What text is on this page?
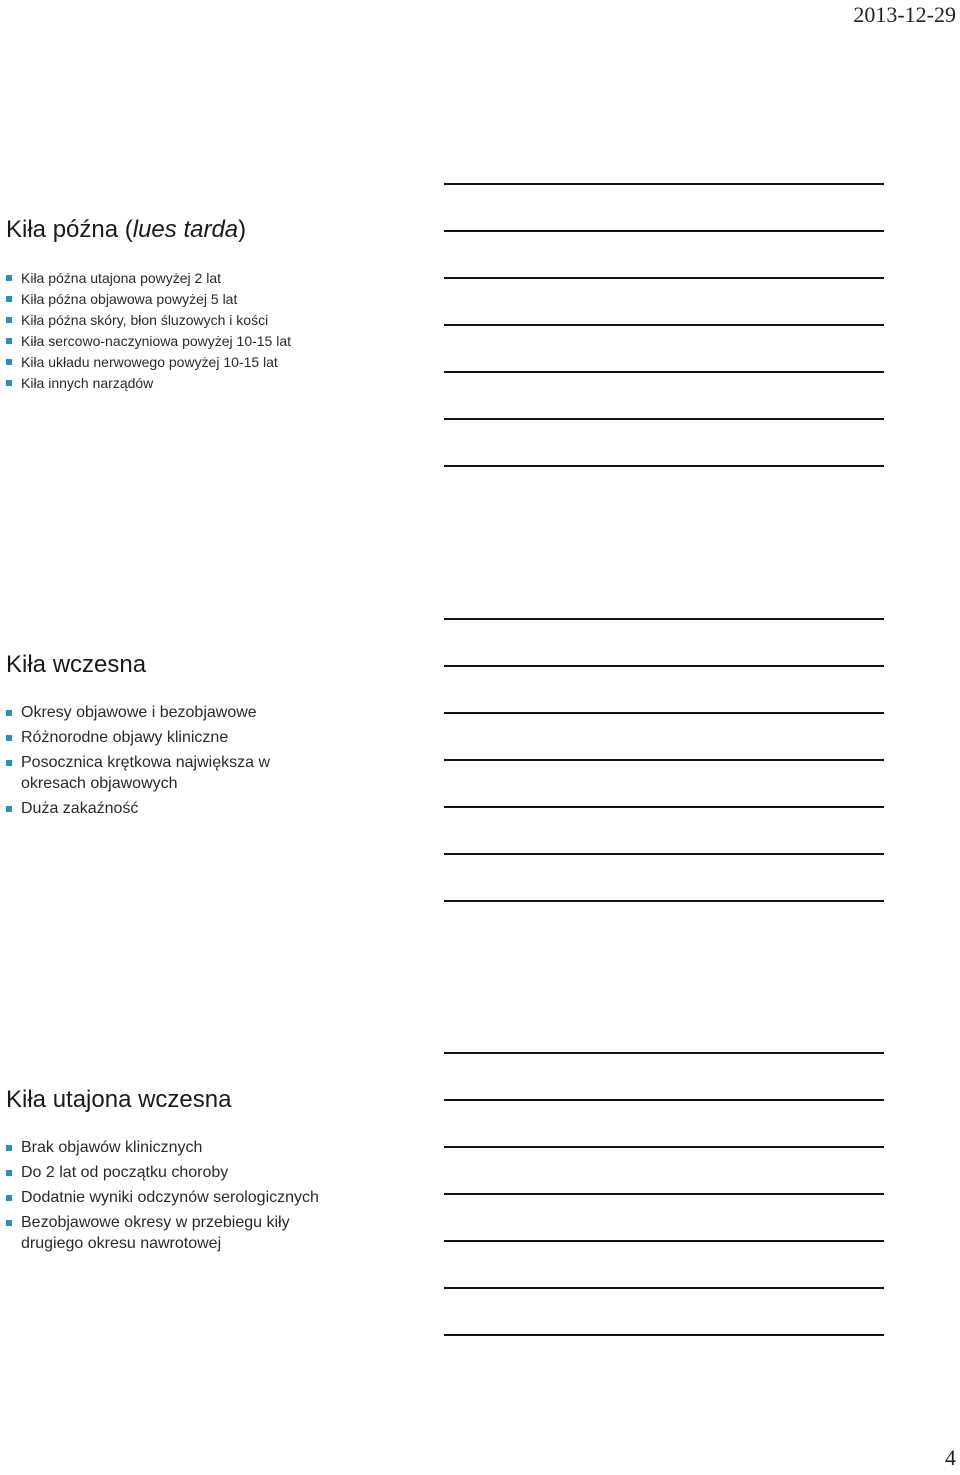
2013-12-29
Kiła późna (lues tarda)
Kiła późna utajona powyżej 2 lat
Kiła późna objawowa powyżej 5 lat
Kiła późna skóry, błon śluzowych i kości
Kiła sercowo-naczyniowa powyżej 10-15 lat
Kiła układu nerwowego powyżej 10-15 lat
Kiła innych narządów
Kiła wczesna
Okresy objawowe i bezobjawowe
Różnorodne objawy kliniczne
Posocznica krętkowa największa w okresach objawowych
Duża zakaźność
Kiła utajona wczesna
Brak objawów klinicznych
Do 2 lat od początku choroby
Dodatnie wyniki odczynów serologicznych
Bezobjawowe okresy w przebiegu kiły drugiego okresu nawrotowej
4
